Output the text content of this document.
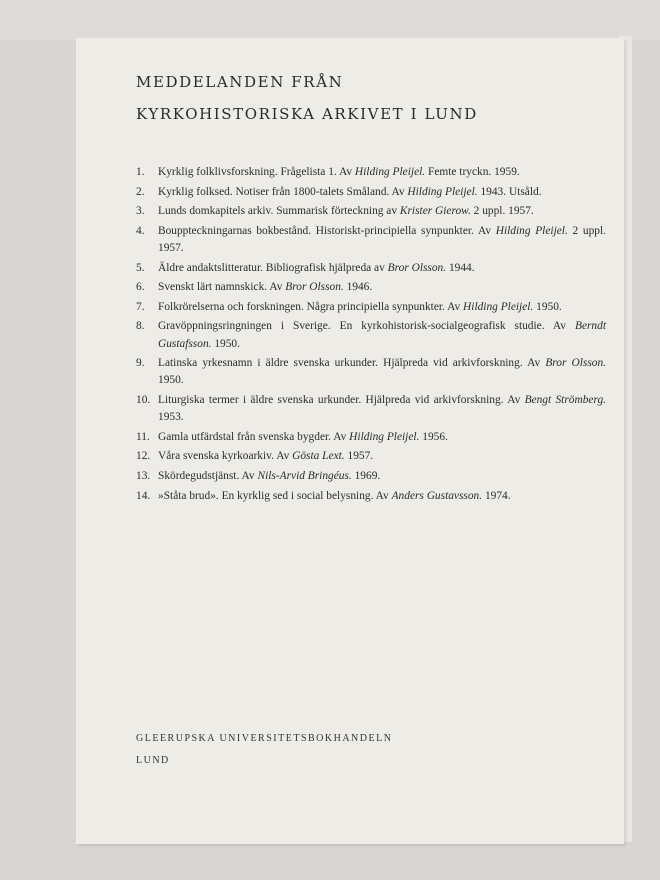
MEDDELANDEN FRÅN
KYRKOHISTORISKA ARKIVET I LUND
1. Kyrklig folklivsforskning. Frågelista 1. Av Hilding Pleijel. Femte tryckn. 1959.
2. Kyrklig folksed. Notiser från 1800-talets Småland. Av Hilding Pleijel. 1943. Utsåld.
3. Lunds domkapitels arkiv. Summarisk förteckning av Krister Gierow. 2 uppl. 1957.
4. Bouppteckningarnas bokbestånd. Historiskt-principiella synpunkter. Av Hilding Pleijel. 2 uppl. 1957.
5. Äldre andaktslitteratur. Bibliografisk hjälpreda av Bror Olsson. 1944.
6. Svenskt lärt namnskick. Av Bror Olsson. 1946.
7. Folkrörelserna och forskningen. Några principiella synpunkter. Av Hilding Pleijel. 1950.
8. Gravöppningsringningen i Sverige. En kyrkohistorisk-socialgeografisk studie. Av Berndt Gustafsson. 1950.
9. Latinska yrkesnamn i äldre svenska urkunder. Hjälpreda vid arkivforskning. Av Bror Olsson. 1950.
10. Liturgiska termer i äldre svenska urkunder. Hjälpreda vid arkivforskning. Av Bengt Strömberg. 1953.
11. Gamla utfärdstal från svenska bygder. Av Hilding Pleijel. 1956.
12. Våra svenska kyrkoarkiv. Av Gösta Lext. 1957.
13. Skördegudstjänst. Av Nils-Arvid Bringéus. 1969.
14. »Ståta brud». En kyrklig sed i social belysning. Av Anders Gustavsson. 1974.
GLEERUPSKA UNIVERSITETSBOKHANDELN
LUND
